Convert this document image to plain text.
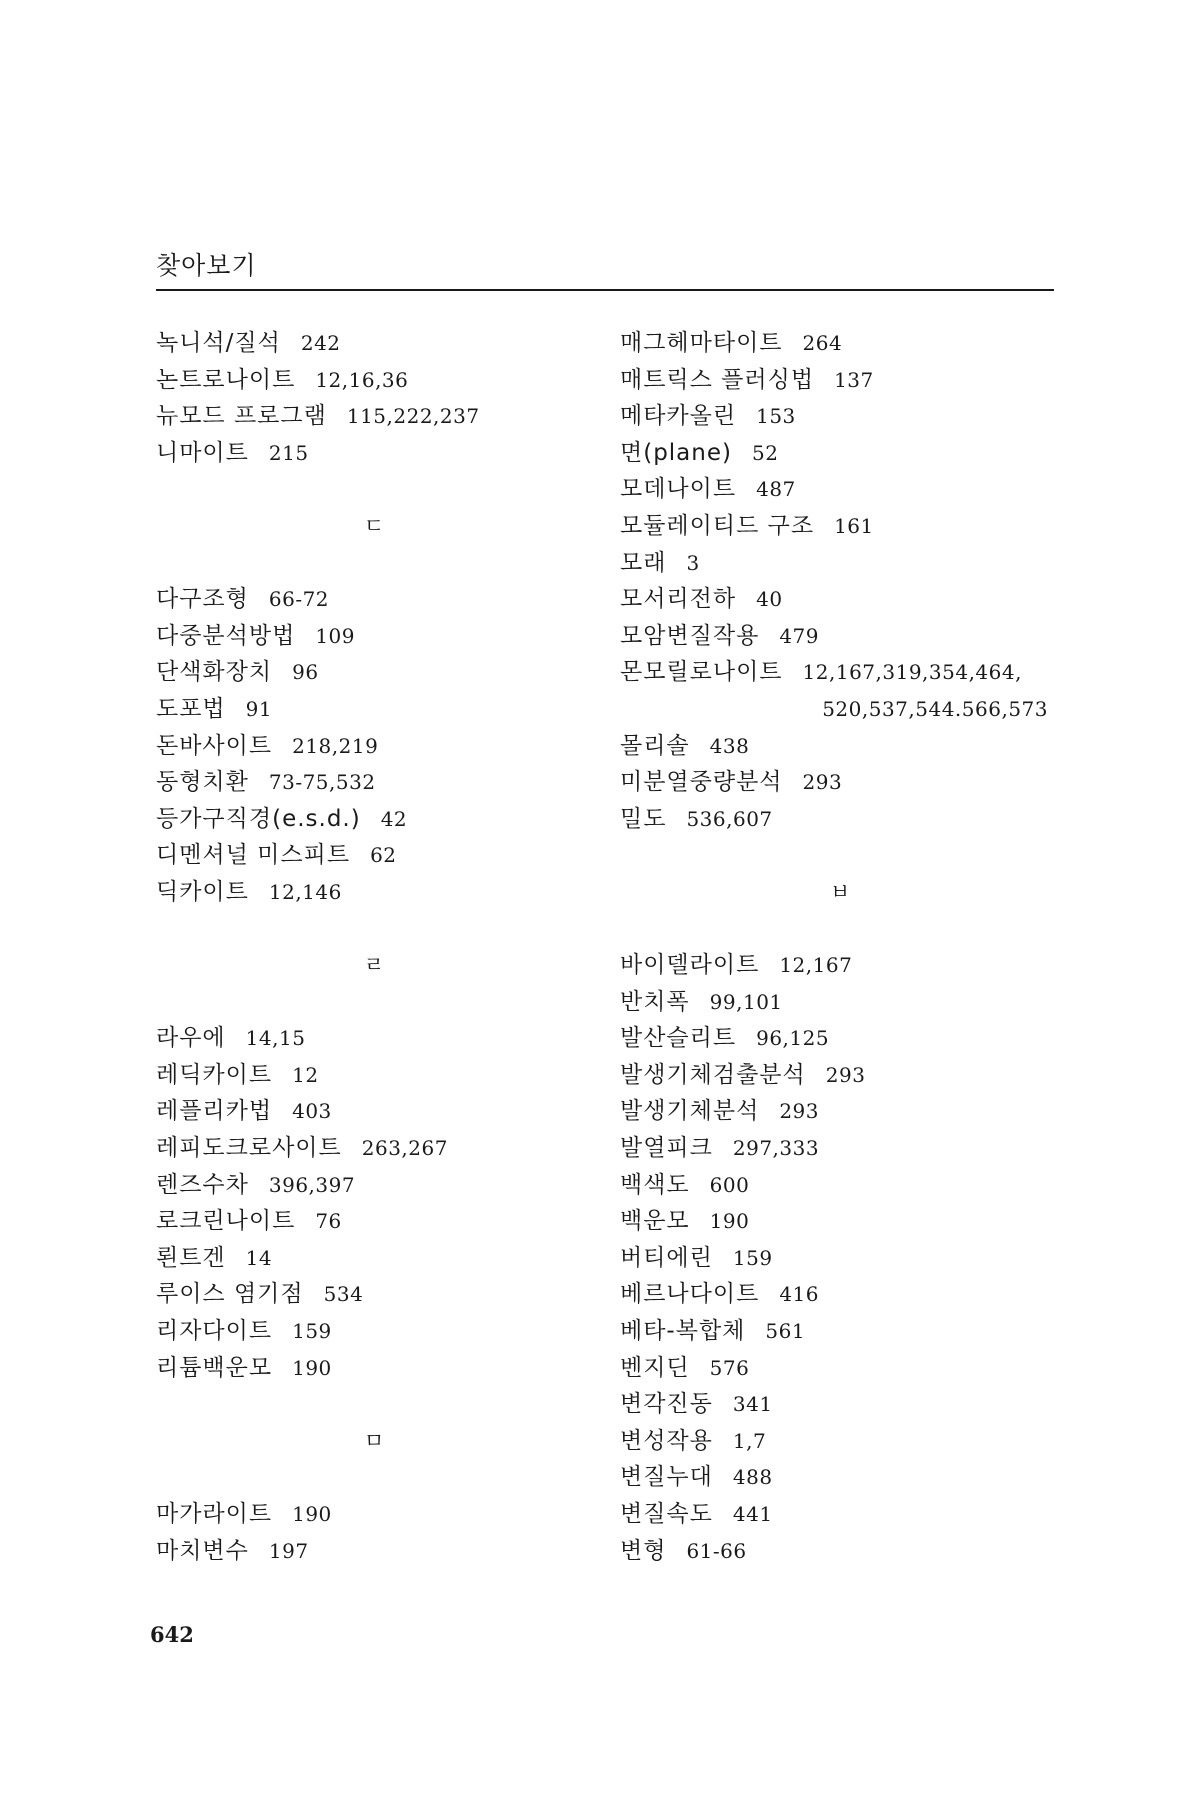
찾아보기
녹니석/질석 242
논트로나이트 12,16,36
뉴모드 프로그램 115,222,237
니마이트 215

ㄷ

다구조형 66-72
다중분석방법 109
단색화장치 96
도포법 91
돈바사이트 218,219
동형치환 73-75,532
등가구직경(e.s.d.) 42
디멘셔널 미스피트 62
딕카이트 12,146

ㄹ

라우에 14,15
레딕카이트 12
레플리카법 403
레피도크로사이트 263,267
렌즈수차 396,397
로크린나이트 76
뢴트겐 14
루이스 염기점 534
리자다이트 159
리튬백운모 190

ㅁ

마가라이트 190
마치변수 197
매그헤마타이트 264
매트릭스 플러싱법 137
메타카올린 153
면(plane) 52
모데나이트 487
모듈레이티드 구조 161
모래 3
모서리전하 40
모암변질작용 479
몬모릴로나이트 12,167,319,354,464,
520,537,544.566,573
몰리솔 438
미분열중량분석 293
밀도 536,607

ㅂ

바이델라이트 12,167
반치폭 99,101
발산슬리트 96,125
발생기체검출분석 293
발생기체분석 293
발열피크 297,333
백색도 600
백운모 190
버티에린 159
베르나다이트 416
베타-복합체 561
벤지딘 576
변각진동 341
변성작용 1,7
변질누대 488
변질속도 441
변형 61-66
642
